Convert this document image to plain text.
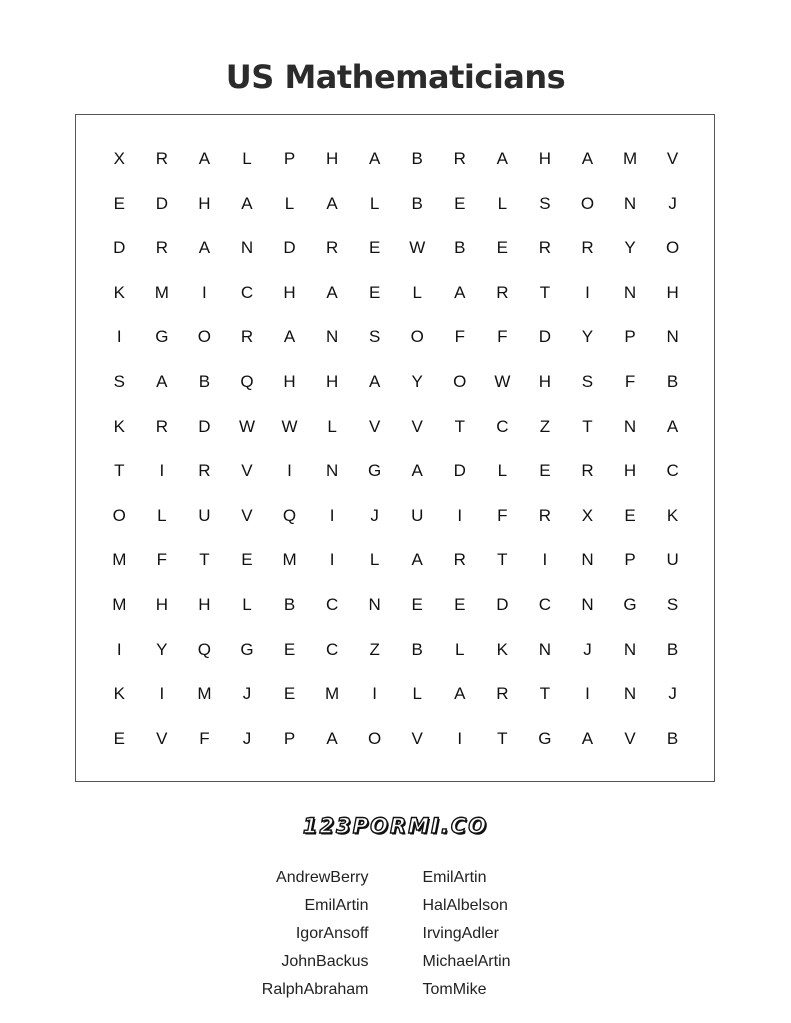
US Mathematicians
X	R	A	L	P	H	A	B	R	A	H	A	M	V
E	D	H	A	L	A	L	B	E	L	S	O	N	J
D	R	A	N	D	R	E	W	B	E	R	R	Y	O
K	M	I	C	H	A	E	L	A	R	T	I	N	H
I	G	O	R	A	N	S	O	F	F	D	Y	P	N
S	A	B	Q	H	H	A	Y	O	W	H	S	F	B
K	R	D	W	W	L	V	V	T	C	Z	T	N	A
T	I	R	V	I	N	G	A	D	L	E	R	H	C
O	L	U	V	Q	I	J	U	I	F	R	X	E	K
M	F	T	E	M	I	L	A	R	T	I	N	P	U
M	H	H	L	B	C	N	E	E	D	C	N	G	S
I	Y	Q	G	E	C	Z	B	L	K	N	J	N	B
K	I	M	J	E	M	I	L	A	R	T	I	N	J
E	V	F	J	P	A	O	V	I	T	G	A	V	B
123PORMI.CO
AndrewBerry
EmilArtin
IgorAnsoff
JohnBackus
RalphAbraham
EmilArtin
HalAlbelson
IrvingAdler
MichaelArtin
TomMike
